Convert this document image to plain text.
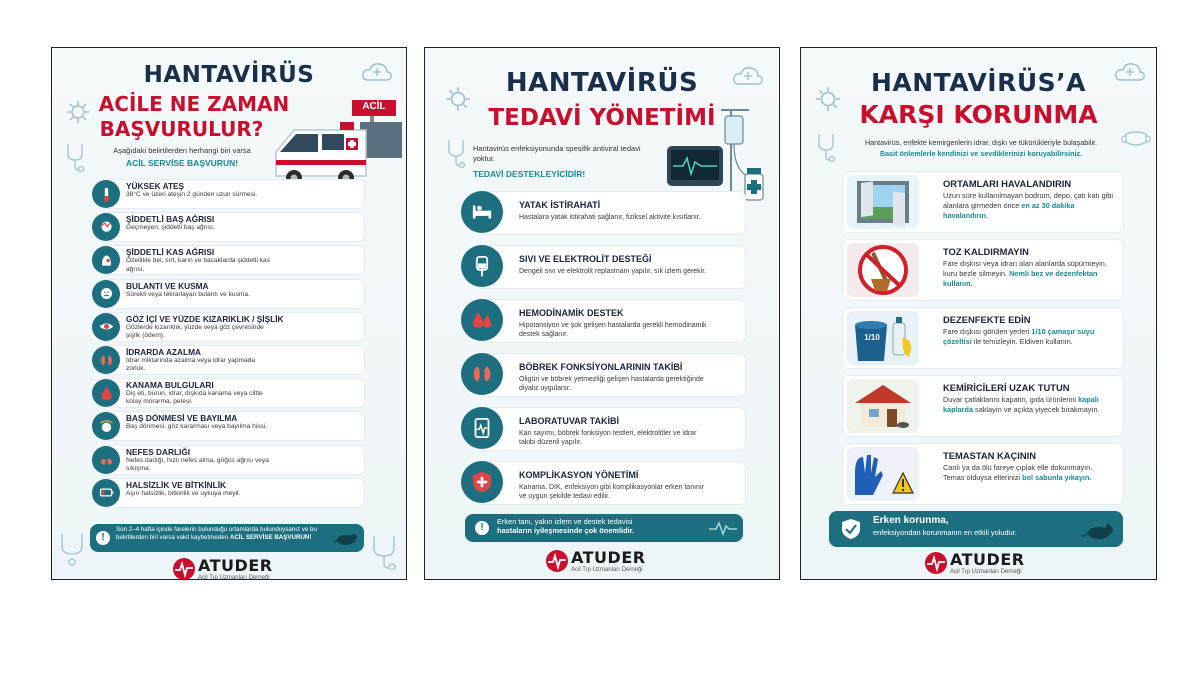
HANTAVİRÜS
ACİLE NE ZAMAN
BAŞVURULUR?
ACİL
Aşağıdaki belirtilerden herhangi biri varsa
ACİL SERVİSE BAŞVURUN!
YÜKSEK ATEŞ
38°C ve üzeri ateşin 2 günden uzun sürmesi.
ŞİDDETLİ BAŞ AĞRISI
Geçmeyen, şiddetli baş ağrısı.
ŞİDDETLİ KAS AĞRISI
Özellikle bel, sırt, karın ve bacaklarda şiddetli kas ağrısı.
BULANTI VE KUSMA
Sürekli veya tekrarlayan bulantı ve kusma.
GÖZ İÇİ VE YÜZDE KIZARIKLIK / ŞİŞLİK
Gözlerde kızarıklık, yüzde veya göz çevresinde şişlik (ödem).
İDRARDA AZALMA
İdrar miktarında azalma veya idrar yapmada zorluk.
KANAMA BULGULARI
Diş eti, burun, idrar, dışkıda kanama veya ciltte kolay morarma, peteşi.
BAŞ DÖNMESİ VE BAYILMA
Baş dönmesi, göz kararması veya bayılma hissi.
NEFES DARLIĞI
Nefes darlığı, hızlı nefes alma, göğüs ağrısı veya sıkışma.
HALSİZLİK VE BİTKİNLİK
Aşırı halsizlik, bitkinlik ve uykuya meyil.
!
Son 2–4 hafta içinde farelerin bulunduğu ortamlarda bulunduysanız ve bu belirtilerden biri varsa vakit kaybetmeden ACİL SERVİSE BAŞVURUN!
ATUDER
Acil Tıp Uzmanları Derneği
HANTAVİRÜS
TEDAVİ YÖNETİMİ
Hantavirüs enfeksiyonunda spesifik antiviral tedavi yoktur.
TEDAVİ DESTEKLEYİCİDİR!
YATAK İSTİRAHATİ
Hastalara yatak istirahati sağlanır, fiziksel aktivite kısıtlanır.
SIVI VE ELEKTROLİT DESTEĞİ
Dengeli sıvı ve elektrolit replasmanı yapılır, sık izlem gerekir.
HEMODİNAMİK DESTEK
Hipotansiyon ve şok gelişen hastalarda gerekli hemodinamik destek sağlanır.
BÖBREK FONKSİYONLARININ TAKİBİ
Oligüri ve böbrek yetmezliği gelişen hastalarda gerektiğinde diyaliz uygulanır.
LABORATUVAR TAKİBİ
Kan sayımı, böbrek fonksiyon testleri, elektrolitler ve idrar takibi düzenli yapılır.
KOMPLİKASYON YÖNETİMİ
Kanama, DIK, enfeksiyon gibi komplikasyonlar erken tanınır ve uygun şekilde tedavi edilir.
!
Erken tanı, yakın izlem ve destek tedavisi
hastaların iyileşmesinde çok önemlidir.
ATUDER
Acil Tıp Uzmanları Derneği
HANTAVİRÜS’A
KARŞI KORUNMA
Hantavirüs, enfekte kemirgenlerin idrar, dışkı ve tükürükleriyle bulaşabilir.
Basit önlemlerle kendinizi ve sevdiklerinizi koruyabilirsiniz.
ORTAMLARI HAVALANDIRIN
Uzun süre kullanılmayan bodrum, depo, çatı katı gibi alanlara girmeden önce en az 30 dakika havalandırın.
TOZ KALDIRMAYIN
Fare dışkısı veya idrarı olan alanlarda süpürmeyin, kuru bezle silmeyin. Nemli bez ve dezenfektan kullanın.
1/10
DEZENFEKTE EDİN
Fare dışkısı görülen yerleri 1/10 çamaşır suyu çözeltisi ile temizleyin. Eldiven kullanın.
KEMİRİCİLERİ UZAK TUTUN
Duvar çatlaklarını kapatın, gıda ürünlerini kapalı kaplarda saklayın ve açıkta yiyecek bırakmayın.
TEMASTAN KAÇININ
Canlı ya da ölü fareye çıplak elle dokunmayın. Temas olduysa ellerinizi bol sabunla yıkayın.
Erken korunma,
enfeksiyondan korunmanın en etkili yoludur.
ATUDER
Acil Tıp Uzmanları Derneği
